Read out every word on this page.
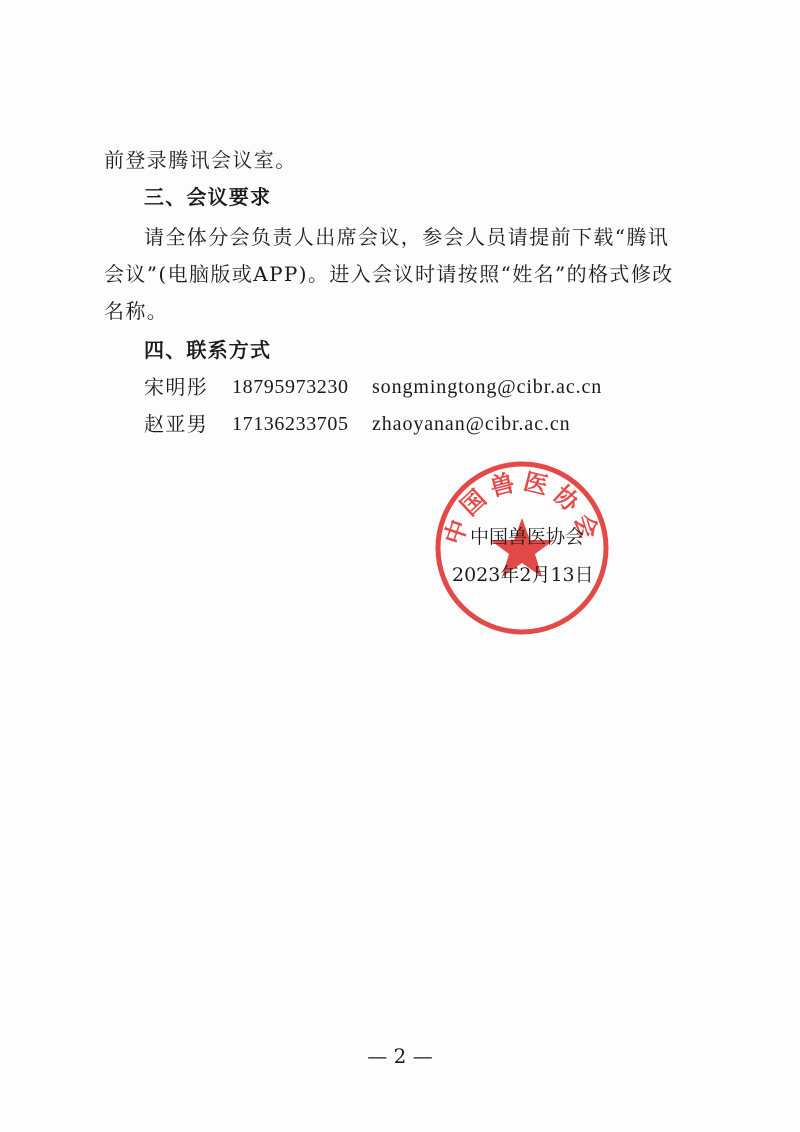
前登录腾讯会议室。
三、会议要求
请全体分会负责人出席会议，参会人员请提前下载“腾讯
会议”(电脑版或APP)。进入会议时请按照“姓名”的格式修改
名称。
四、联系方式
宋明彤 18795973230 songmingtong@cibr.ac.cn
赵亚男 17136233705 zhaoyanan@cibr.ac.cn
中国兽医协会
中国兽医协会
2023年2月13日
— 2 —
